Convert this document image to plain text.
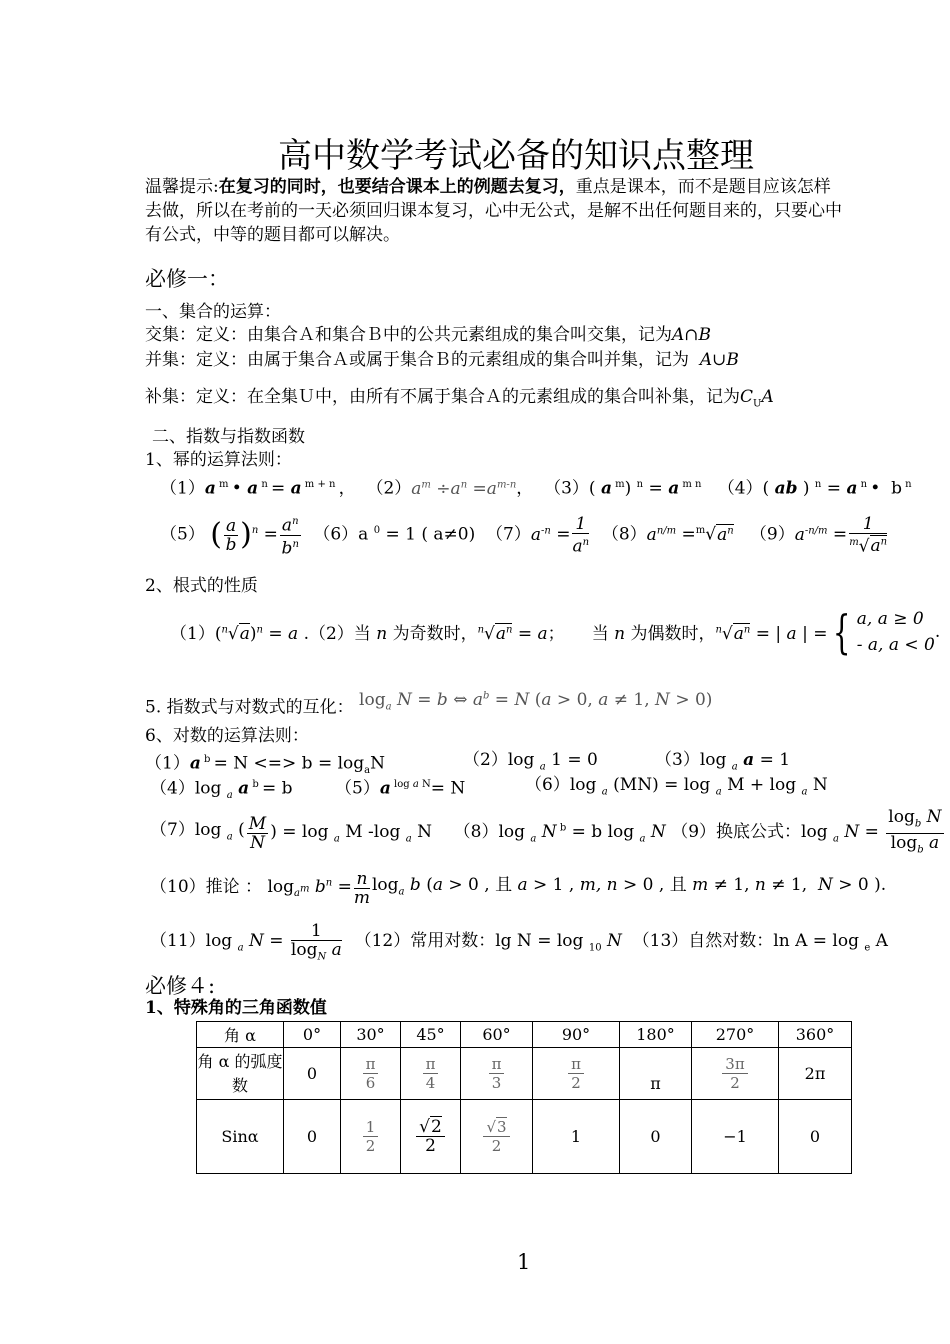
高中数学考试必备的知识点整理
温馨提示:在复习的同时，也要结合课本上的例题去复习，重点是课本，而不是题目应该怎样
去做，所以在考前的一天必须回归课本复习，心中无公式，是解不出任何题目来的，只要心中
有公式，中等的题目都可以解决。
必修一：
一、集合的运算：
交集：定义：由集合Ａ和集合Ｂ中的公共元素组成的集合叫交集，记为A∩B
并集：定义：由属于集合Ａ或属于集合Ｂ的元素组成的集合叫并集，记为 A∪B
补集：定义：在全集Ｕ中，由所有不属于集合Ａ的元素组成的集合叫补集，记为$C_UA$
二、指数与指数函数
1、幂的运算法则：
（1）a $^m$ • a $^n$ = a $^{m + n}$ ，  $(2)a^m \div a^n =a^{m-n}$，  （3）( a $^m$) $^n$ = a $^{m n}$   （4）( ab ) $^n$ = a $^n$ •  b $^n$
（5） ( $\frac{a}{b} )^n = \frac{a^n}{b^n} (6)a$ $^0$ = 1 ( a≠0)  $(7)a^{-n} = \frac{1}{a^n} (8)a^{n/m} =^m√a^n$   $(9)a^{-n/m} = \frac{1}{^m√a^n}$
2、根式的性质
$(1)(^n√a)^n = a$ .（2）当 n 为奇数时，$^n√a^n = a$；     当 n 为偶数时，$^n√a^n$ = | a | = { a, a ≥ 0
- a, a < 0.
5. 指数式与对数式的互化： $\log_a N = b$ ⇔ $a^b = N$ (a > 0, a ≠ 1, N > 0)
6、对数的运算法则：
（1）a $^b$ = N <=> $b = \log_aN$	（2）log $_a$ 1 = 0	（3）log $_a$ a = 1
（4）log $_a$ a $^b$ = b	（5）a $^{log a N}$= N	（6）log $_a$ (MN) = log $_a$ M + log $_a$ N
（7）log $_a$ ( $\frac{M}{N}$ ) = log $_a$ M -log $_a$ N    （8）log $_a$ N $^b$ = b log $_a$ N （9）换底公式：log $_a$ $N = \frac{\log_b N}{\log_b a}$
（10）推论 ： $\log_{a^m} b^n = \frac{n}{m} \log_a b$ (a > 0 , 且 a > 1 , m, n > 0 , 且 m ≠ 1, n ≠ 1,  N > 0 ).
（11）log $_a$ $N = \frac{1}{\log_N a} (12)$常用对数：lg N = log $_{10}$ N  （13）自然对数：ln A = log $_e$ A
必修４:
1、特殊角的三角函数值
角 α	0°	30°	45°	60°	90°	180°	270°	360°
角 α 的弧度数	0	$\frac{\pi}{6}$	$\frac{\pi}{4}$	$\frac{\pi}{3}$	$\frac{\pi}{2}$	π	$\frac{3\pi}{2}$	2π
Sinα	0	$\frac{1}{2}$	$\frac{√2}{2}$	$\frac{√3}{2}$	1	0	−1	0
1
